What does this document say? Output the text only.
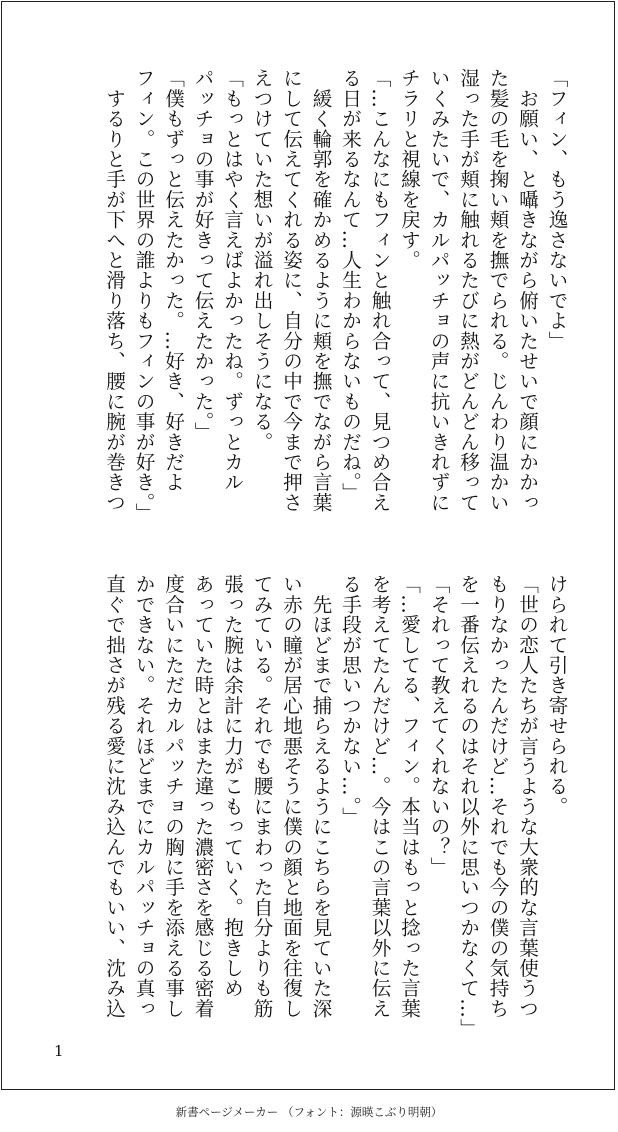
「フィン、もう逸さないでよ」
　お願い、と囁きながら俯いたせいで顔にかかっ
た髪の毛を掬い頬を撫でられる。じんわり温かい
湿った手が頬に触れるたびに熱がどんどん移って
いくみたいで、カルパッチョの声に抗いきれずに
チラリと視線を戻す。
「…こんなにもフィンと触れ合って、見つめ合え
る日が来るなんて…人生わからないものだね。」
　緩く輪郭を確かめるように頬を撫でながら言葉
にして伝えてくれる姿に、自分の中で今まで押さ
えつけていた想いが溢れ出しそうになる。
「もっとはやく言えばよかったね。ずっとカル
パッチョの事が好きって伝えたかった。」
「僕もずっと伝えたかった。…好き、好きだよ
フィン。この世界の誰よりもフィンの事が好き。」
　するりと手が下へと滑り落ち、腰に腕が巻きつ
けられて引き寄せられる。
「世の恋人たちが言うような大衆的な言葉使うつ
もりなかったんだけど…それでも今の僕の気持ち
を一番伝えれるのはそれ以外に思いつかなくて…」
「それって教えてくれないの？」
「…愛してる、フィン。本当はもっと捻った言葉
を考えてたんだけど…。今はこの言葉以外に伝え
る手段が思いつかない…。」
　先ほどまで捕らえるようにこちらを見ていた深
い赤の瞳が居心地悪そうに僕の顔と地面を往復し
てみている。それでも腰にまわった自分よりも筋
張った腕は余計に力がこもっていく。抱きしめ
あっていた時とはまた違った濃密さを感じる密着
度合いにただカルパッチョの胸に手を添える事し
かできない。それほどまでにカルパッチョの真っ
直ぐで拙さが残る愛に沈み込んでもいい、沈み込
1
新書ページメーカー （フォント：源暎こぶり明朝）
